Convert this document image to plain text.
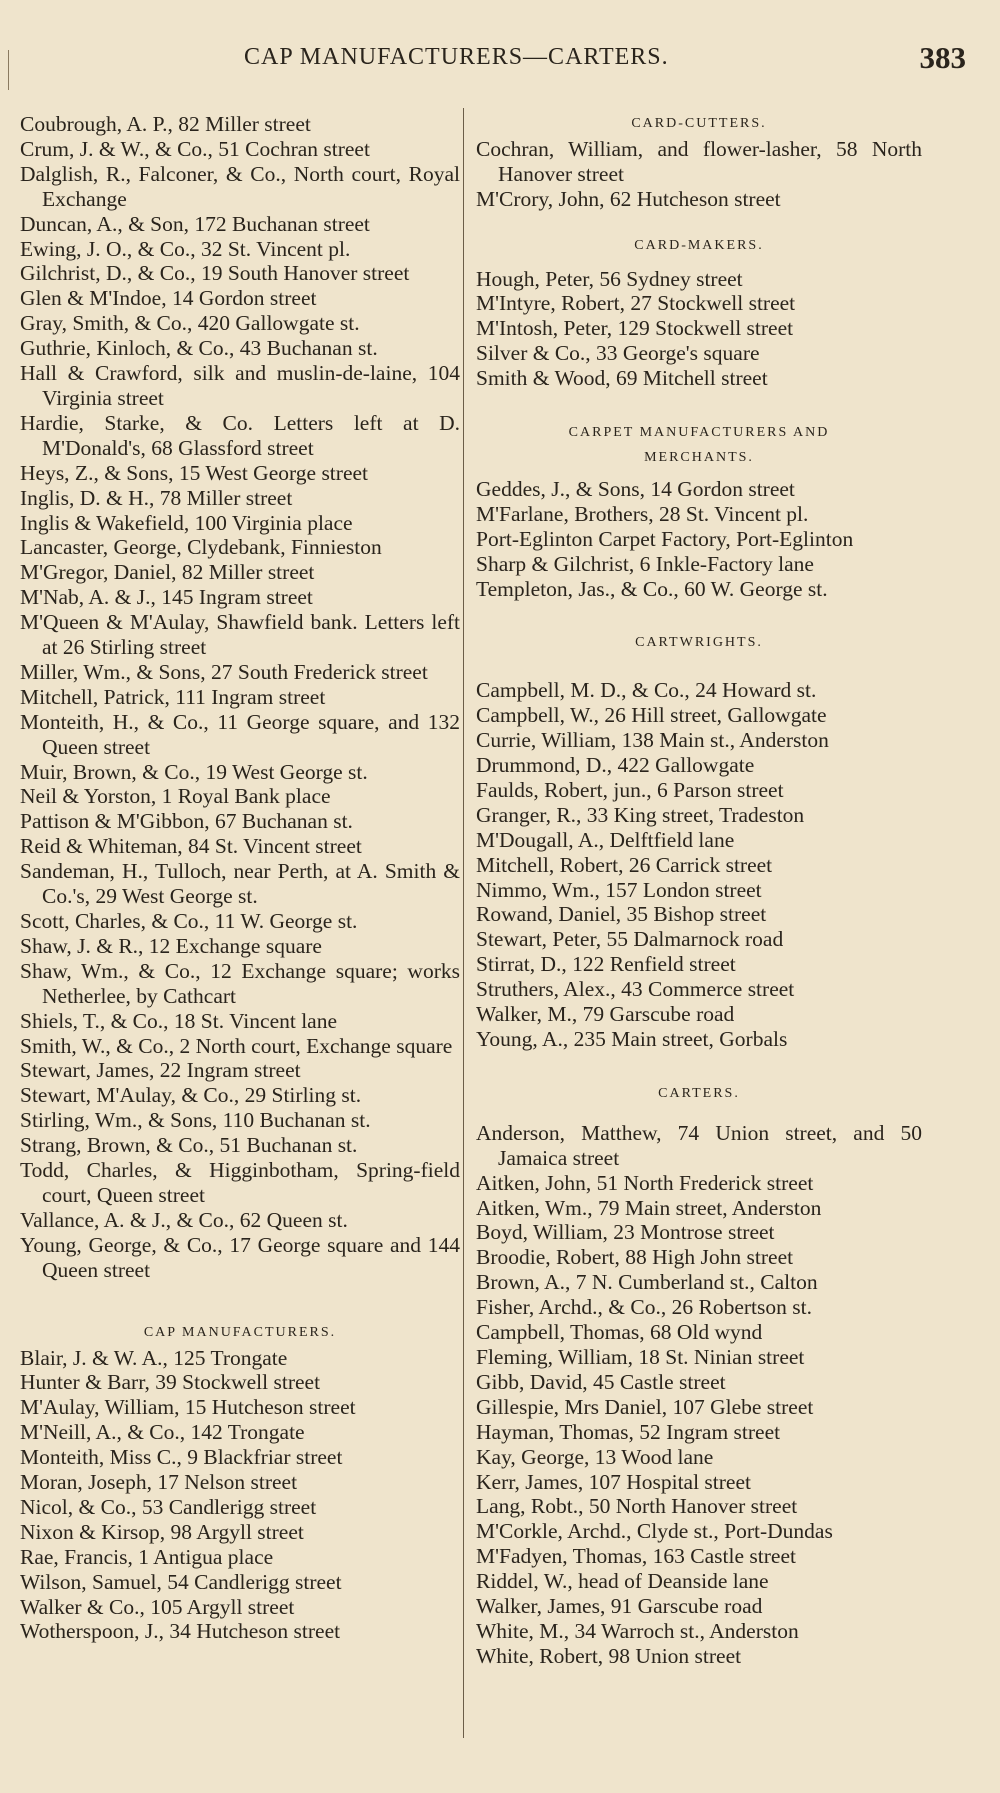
CAP MANUFACTURERS—CARTERS.	383

Coubrough, A. P., 82 Miller street

Crum, J. & W., & Co., 51 Cochran street

Dalglish, R., Falconer, & Co., North court, Royal Exchange

Duncan, A., & Son, 172 Buchanan street

Ewing, J. O., & Co., 32 St. Vincent pl.

Gilchrist, D., & Co., 19 South Hanover street

Glen & M'Indoe, 14 Gordon street

Gray, Smith, & Co., 420 Gallowgate st.

Guthrie, Kinloch, & Co., 43 Buchanan st.

Hall & Crawford, silk and muslin-de-laine, 104 Virginia street

Hardie, Starke, & Co. Letters left at D. M'Donald's, 68 Glassford street

Heys, Z., & Sons, 15 West George street

Inglis, D. & H., 78 Miller street

Inglis & Wakefield, 100 Virginia place

Lancaster, George, Clydebank, Finnieston

M'Gregor, Daniel, 82 Miller street

M'Nab, A. & J., 145 Ingram street

M'Queen & M'Aulay, Shawfield bank. Letters left at 26 Stirling street

Miller, Wm., & Sons, 27 South Frederick street

Mitchell, Patrick, 111 Ingram street

Monteith, H., & Co., 11 George square, and 132 Queen street

Muir, Brown, & Co., 19 West George st.

Neil & Yorston, 1 Royal Bank place

Pattison & M'Gibbon, 67 Buchanan st.

Reid & Whiteman, 84 St. Vincent street

Sandeman, H., Tulloch, near Perth, at A. Smith & Co.'s, 29 West George st.

Scott, Charles, & Co., 11 W. George st.

Shaw, J. & R., 12 Exchange square

Shaw, Wm., & Co., 12 Exchange square; works Netherlee, by Cathcart

Shiels, T., & Co., 18 St. Vincent lane

Smith, W., & Co., 2 North court, Exchange square

Stewart, James, 22 Ingram street

Stewart, M'Aulay, & Co., 29 Stirling st.

Stirling, Wm., & Sons, 110 Buchanan st.

Strang, Brown, & Co., 51 Buchanan st.

Todd, Charles, & Higginbotham, Spring-field court, Queen street

Vallance, A. & J., & Co., 62 Queen st.

Young, George, & Co., 17 George square and 144 Queen street

CAP MANUFACTURERS.

Blair, J. & W. A., 125 Trongate

Hunter & Barr, 39 Stockwell street

M'Aulay, William, 15 Hutcheson street

M'Neill, A., & Co., 142 Trongate

Monteith, Miss C., 9 Blackfriar street

Moran, Joseph, 17 Nelson street

Nicol, & Co., 53 Candlerigg street

Nixon & Kirsop, 98 Argyll street

Rae, Francis, 1 Antigua place

Wilson, Samuel, 54 Candlerigg street

Walker & Co., 105 Argyll street

Wotherspoon, J., 34 Hutcheson street

CARD-CUTTERS.

Cochran, William, and flower-lasher, 58 North Hanover street

M'Crory, John, 62 Hutcheson street

CARD-MAKERS.

Hough, Peter, 56 Sydney street

M'Intyre, Robert, 27 Stockwell street

M'Intosh, Peter, 129 Stockwell street

Silver & Co., 33 George's square

Smith & Wood, 69 Mitchell street

CARPET MANUFACTURERS AND
MERCHANTS.

Geddes, J., & Sons, 14 Gordon street

M'Farlane, Brothers, 28 St. Vincent pl.

Port-Eglinton Carpet Factory, Port-Eglinton

Sharp & Gilchrist, 6 Inkle-Factory lane

Templeton, Jas., & Co., 60 W. George st.

CARTWRIGHTS.

Campbell, M. D., & Co., 24 Howard st.

Campbell, W., 26 Hill street, Gallowgate

Currie, William, 138 Main st., Anderston

Drummond, D., 422 Gallowgate

Faulds, Robert, jun., 6 Parson street

Granger, R., 33 King street, Tradeston

M'Dougall, A., Delftfield lane

Mitchell, Robert, 26 Carrick street

Nimmo, Wm., 157 London street

Rowand, Daniel, 35 Bishop street

Stewart, Peter, 55 Dalmarnock road

Stirrat, D., 122 Renfield street

Struthers, Alex., 43 Commerce street

Walker, M., 79 Garscube road

Young, A., 235 Main street, Gorbals

CARTERS.

Anderson, Matthew, 74 Union street, and 50 Jamaica street

Aitken, John, 51 North Frederick street

Aitken, Wm., 79 Main street, Anderston

Boyd, William, 23 Montrose street

Broodie, Robert, 88 High John street

Brown, A., 7 N. Cumberland st., Calton

Fisher, Archd., & Co., 26 Robertson st.

Campbell, Thomas, 68 Old wynd

Fleming, William, 18 St. Ninian street

Gibb, David, 45 Castle street

Gillespie, Mrs Daniel, 107 Glebe street

Hayman, Thomas, 52 Ingram street

Kay, George, 13 Wood lane

Kerr, James, 107 Hospital street

Lang, Robt., 50 North Hanover street

M'Corkle, Archd., Clyde st., Port-Dundas

M'Fadyen, Thomas, 163 Castle street

Riddel, W., head of Deanside lane

Walker, James, 91 Garscube road

White, M., 34 Warroch st., Anderston

White, Robert, 98 Union street
